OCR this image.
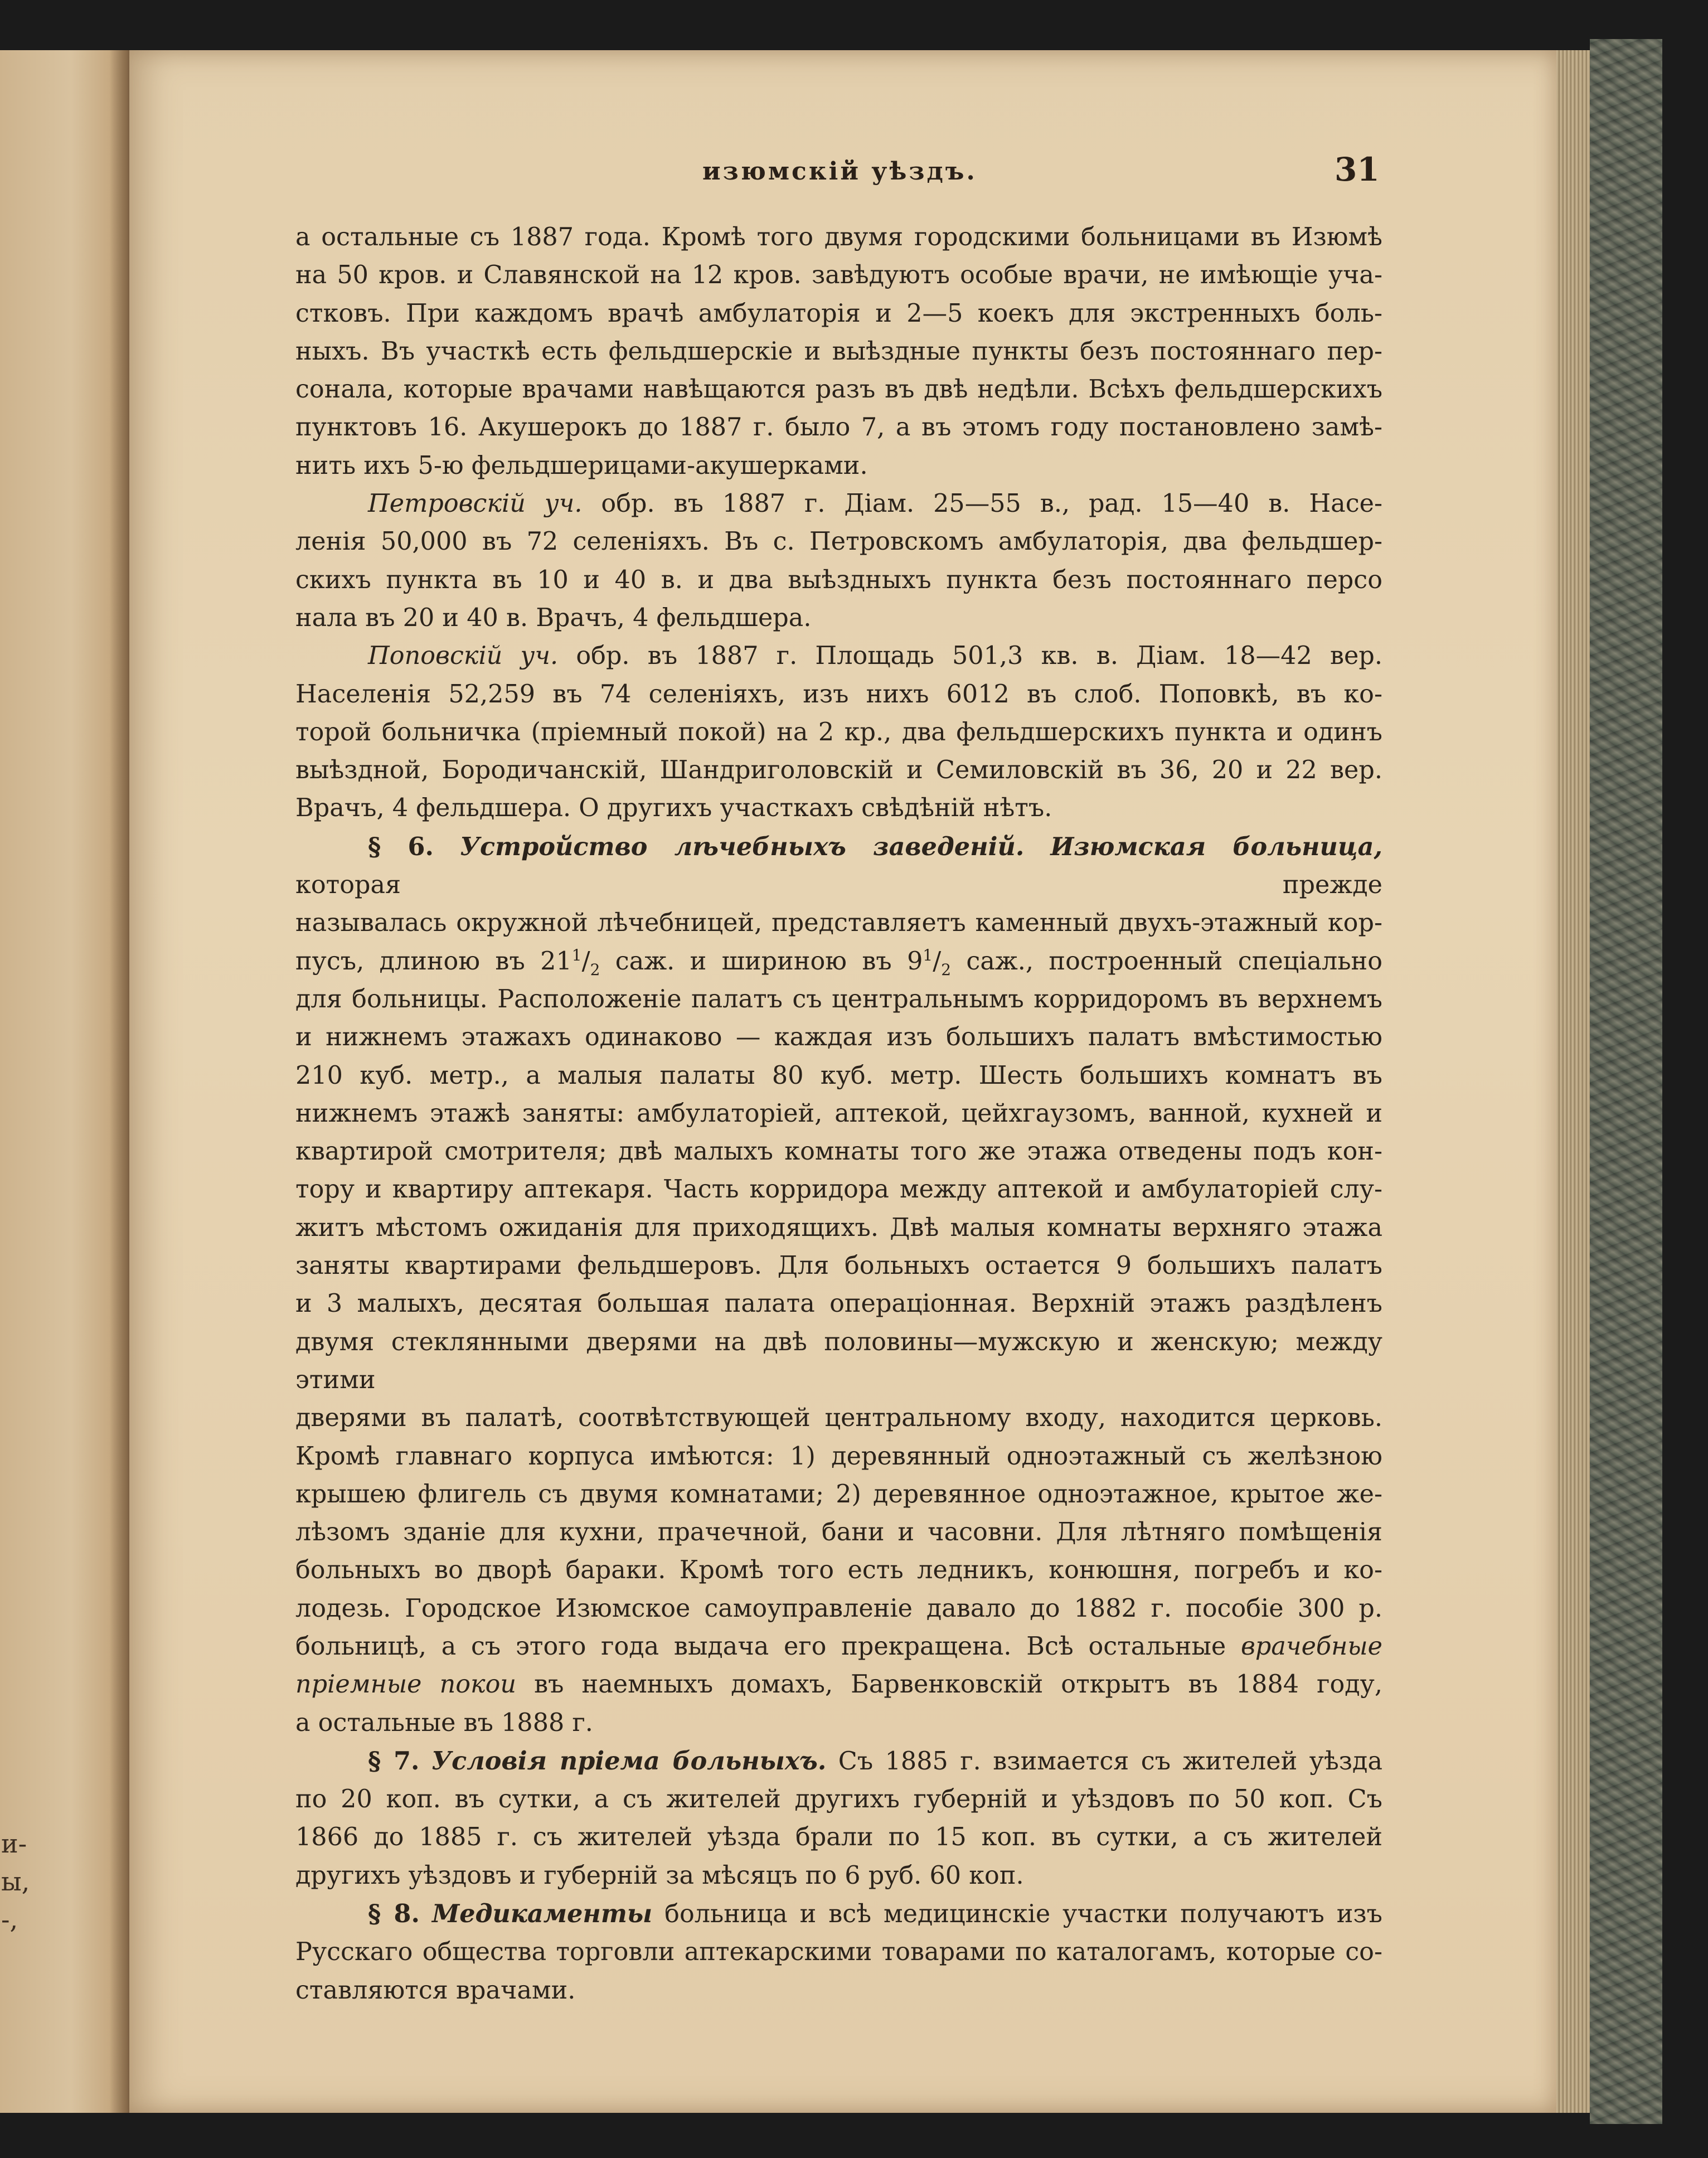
и-
ы,
-,
изюмскій уѣздъ.	31

а остальные съ 1887 года. Кромѣ того двумя городскими больницами въ Изюмѣ

на 50 кров. и Славянской на 12 кров. завѣдуютъ особые врачи, не имѣющіе уча-

стковъ. При каждомъ врачѣ амбулаторія и 2—5 коекъ для экстренныхъ боль-

ныхъ. Въ участкѣ есть фельдшерскіе и выѣздные пункты безъ постояннаго пер-

сонала, которые врачами навѣщаются разъ въ двѣ недѣли. Всѣхъ фельдшерскихъ

пунктовъ 16. Акушерокъ до 1887 г. было 7, а въ этомъ году постановлено замѣ-

нить ихъ 5-ю фельдшерицами-акушерками.

Петровскій уч. обр. въ 1887 г. Діам. 25—55 в., рад. 15—40 в. Насе-

ленія 50,000 въ 72 селеніяхъ. Въ с. Петровскомъ амбулаторія, два фельдшер-

скихъ пункта въ 10 и 40 в. и два выѣздныхъ пункта безъ постояннаго персо

нала въ 20 и 40 в. Врачъ, 4 фельдшера.

Поповскій уч. обр. въ 1887 г. Площадь 501,3 кв. в. Діам. 18—42 вер.

Населенія 52,259 въ 74 селеніяхъ, изъ нихъ 6012 въ слоб. Поповкѣ, въ ко-

торой больничка (пріемный покой) на 2 кр., два фельдшерскихъ пункта и одинъ

выѣздной, Бородичанскій, Шандриголовскій и Семиловскій въ 36, 20 и 22 вер.

Врачъ, 4 фельдшера. О другихъ участкахъ свѣдѣній нѣтъ.

§ 6. Устройство лѣчебныхъ заведеній. Изюмская больница, которая прежде

называлась окружной лѣчебницей, представляетъ каменный двухъ-этажный кор-

пусъ, длиною въ $21^1/_2$ саж. и шириною въ $9^1/_2$ саж., построенный спеціально

для больницы. Расположеніе палатъ съ центральнымъ корридоромъ въ верхнемъ

и нижнемъ этажахъ одинаково — каждая изъ большихъ палатъ вмѣстимостью

210 куб. метр., а малыя палаты 80 куб. метр. Шесть большихъ комнатъ въ

нижнемъ этажѣ заняты: амбулаторіей, аптекой, цейхгаузомъ, ванной, кухней и

квартирой смотрителя; двѣ малыхъ комнаты того же этажа отведены подъ кон-

тору и квартиру аптекаря. Часть корридора между аптекой и амбулаторіей слу-

житъ мѣстомъ ожиданія для приходящихъ. Двѣ малыя комнаты верхняго этажа

заняты квартирами фельдшеровъ. Для больныхъ остается 9 большихъ палатъ

и 3 малыхъ, десятая большая палата операціонная. Верхній этажъ раздѣленъ

двумя стеклянными дверями на двѣ половины—мужскую и женскую; между этими

дверями въ палатѣ, соотвѣтствующей центральному входу, находится церковь.

Кромѣ главнаго корпуса имѣются: 1) деревянный одноэтажный съ желѣзною

крышею флигель съ двумя комнатами; 2) деревянное одноэтажное, крытое же-

лѣзомъ зданіе для кухни, прачечной, бани и часовни. Для лѣтняго помѣщенія

больныхъ во дворѣ бараки. Кромѣ того есть ледникъ, конюшня, погребъ и ко-

лодезь. Городское Изюмское самоуправленіе давало до 1882 г. пособіе 300 р.

больницѣ, а съ этого года выдача его прекращена. Всѣ остальные врачебные

пріемные покои въ наемныхъ домахъ, Барвенковскій открытъ въ 1884 году,

а остальные въ 1888 г.

§ 7. Условія пріема больныхъ. Съ 1885 г. взимается съ жителей уѣзда

по 20 коп. въ сутки, а съ жителей другихъ губерній и уѣздовъ по 50 коп. Съ

1866 до 1885 г. съ жителей уѣзда брали по 15 коп. въ сутки, а съ жителей

другихъ уѣздовъ и губерній за мѣсяцъ по 6 руб. 60 коп.

§ 8. Медикаменты больница и всѣ медицинскіе участки получаютъ изъ

Русскаго общества торговли аптекарскими товарами по каталогамъ, которые со-

ставляются врачами.
